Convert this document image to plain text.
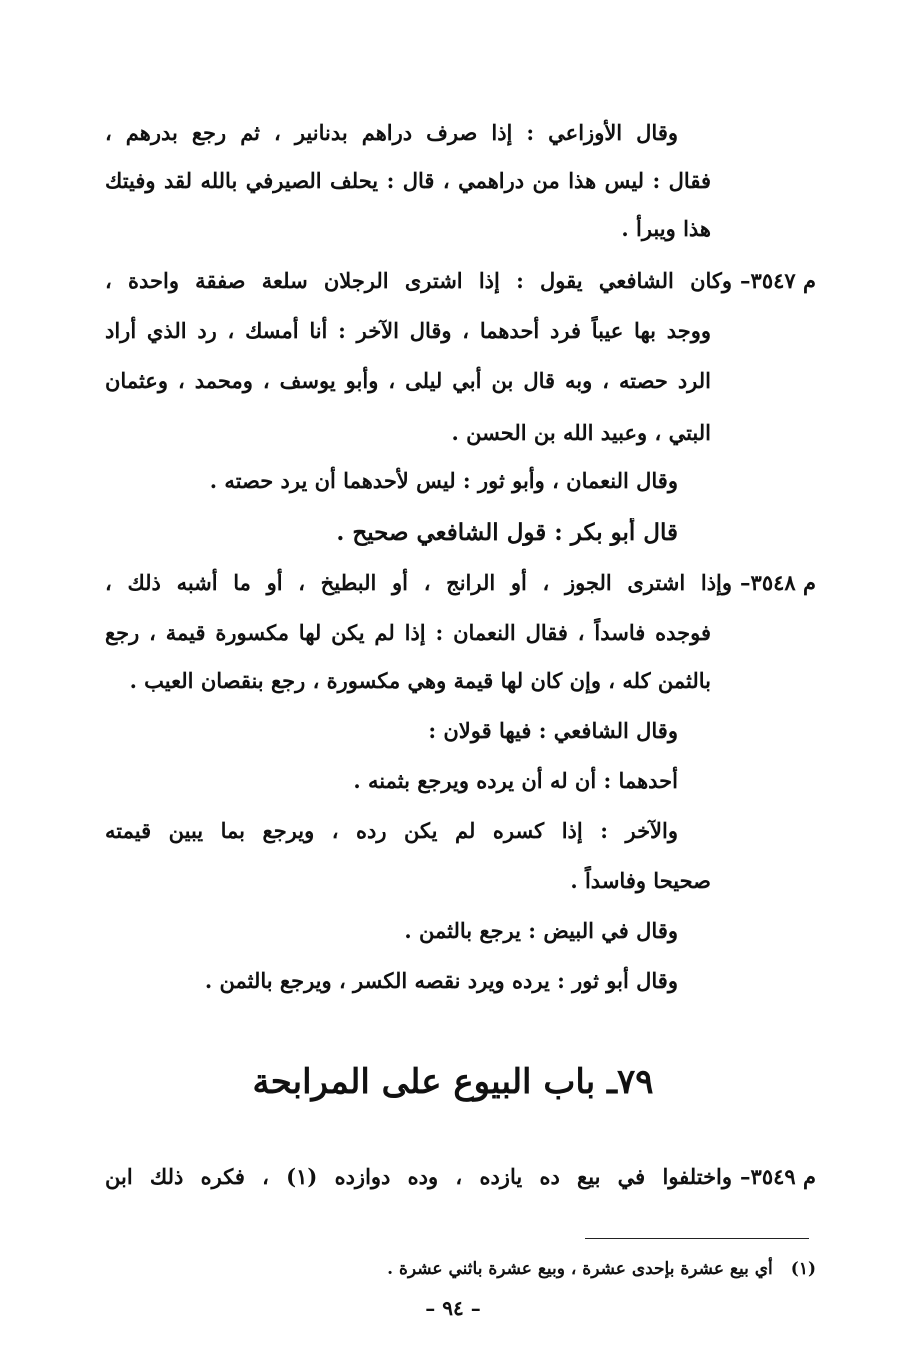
وقال الأوزاعي : إذا صرف دراهم بدنانير ، ثم رجع بدرهم ،
فقال : ليس هذا من دراهمي ، قال : يحلف الصيرفي بالله لقد وفيتك
هذا ويبرأ .
م ٣٥٤٧–وكان الشافعي يقول : إذا اشترى الرجلان سلعة صفقة واحدة ،
ووجد بها عيباً فرد أحدهما ، وقال الآخر : أنا أمسك ، رد الذي أراد
الرد حصته ، وبه قال بن أبي ليلى ، وأبو يوسف ، ومحمد ، وعثمان
البتي ، وعبيد الله بن الحسن .
وقال النعمان ، وأبو ثور : ليس لأحدهما أن يرد حصته .
قال أبو بكر : قول الشافعي صحيح .
م ٣٥٤٨–وإذا اشترى الجوز ، أو الرانج ، أو البطيخ ، أو ما أشبه ذلك ،
فوجده فاسداً ، فقال النعمان : إذا لم يكن لها مكسورة قيمة ، رجع
بالثمن كله ، وإن كان لها قيمة وهي مكسورة ، رجع بنقصان العيب .
وقال الشافعي : فيها قولان :
أحدهما : أن له أن يرده ويرجع بثمنه .
والآخر : إذا كسره لم يكن رده ، ويرجع بما يبين قيمته
صحيحا وفاسداً .
وقال في البيض : يرجع بالثمن .
وقال أبو ثور : يرده ويرد نقصه الكسر ، ويرجع بالثمن .
٧٩ـ باب البيوع على المرابحة
م ٣٥٤٩–واختلفوا في بيع ده يازده ، وده دوازده (١) ، فكره ذلك ابن
(١)أي بيع عشرة بإحدى عشرة ، وبيع عشرة باثني عشرة .
– ٩٤ –
